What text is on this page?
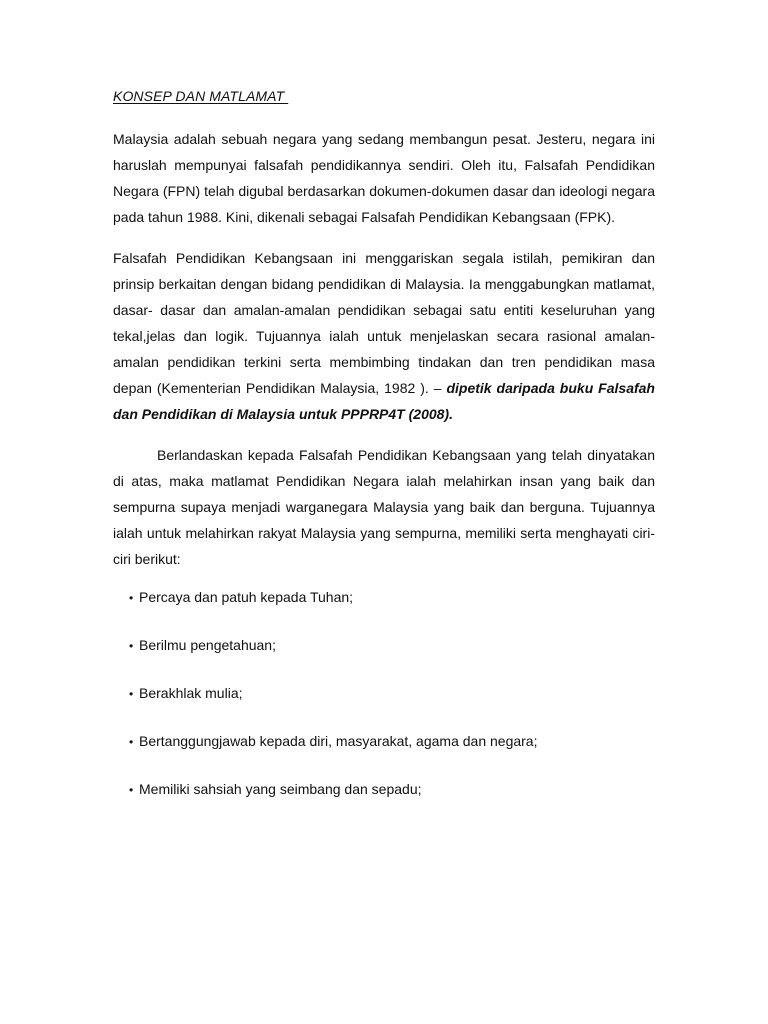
KONSEP DAN MATLAMAT

Malaysia adalah sebuah negara yang sedang membangun pesat. Jesteru, negara ini haruslah mempunyai falsafah pendidikannya sendiri. Oleh itu, Falsafah Pendidikan Negara (FPN) telah digubal berdasarkan dokumen-dokumen dasar dan ideologi negara pada tahun 1988. Kini, dikenali sebagai Falsafah Pendidikan Kebangsaan (FPK).

Falsafah Pendidikan Kebangsaan ini menggariskan segala istilah, pemikiran dan prinsip berkaitan dengan bidang pendidikan di Malaysia. Ia menggabungkan matlamat, dasar- dasar dan amalan-amalan pendidikan sebagai satu entiti keseluruhan yang tekal,jelas dan logik. Tujuannya ialah untuk menjelaskan secara rasional amalan- amalan pendidikan terkini serta membimbing tindakan dan tren pendidikan masa depan (Kementerian Pendidikan Malaysia, 1982 ). – dipetik daripada buku Falsafah dan Pendidikan di Malaysia untuk PPPRP4T (2008).

Berlandaskan kepada Falsafah Pendidikan Kebangsaan yang telah dinyatakan di atas, maka matlamat Pendidikan Negara ialah melahirkan insan yang baik dan sempurna supaya menjadi warganegara Malaysia yang baik dan berguna. Tujuannya ialah untuk melahirkan rakyat Malaysia yang sempurna, memiliki serta menghayati ciri-ciri berikut:

• Percaya dan patuh kepada Tuhan;
• Berilmu pengetahuan;
• Berakhlak mulia;
• Bertanggungjawab kepada diri, masyarakat, agama dan negara;
• Memiliki sahsiah yang seimbang dan sepadu;
